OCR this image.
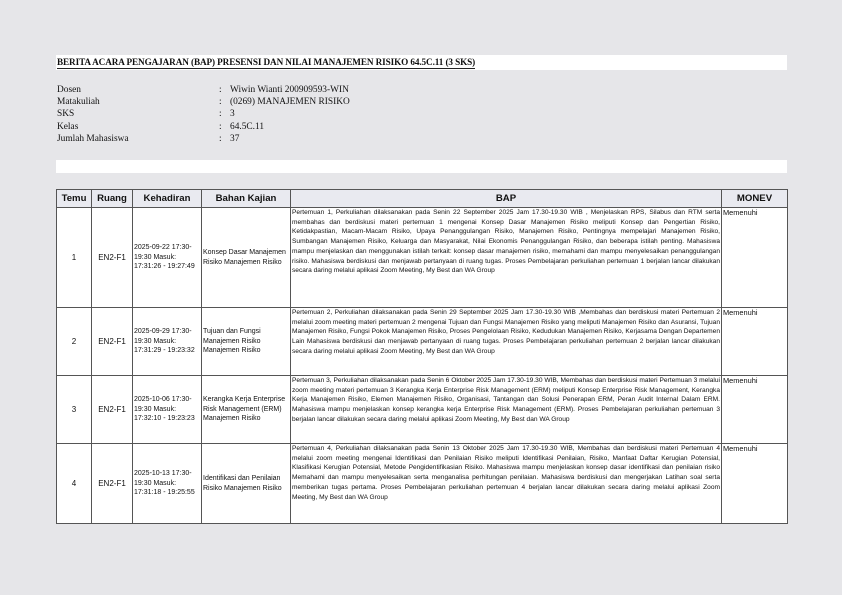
BERITA ACARA PENGAJARAN (BAP) PRESENSI DAN NILAI MANAJEMEN RISIKO 64.5C.11 (3 SKS)
Dosen	: Wiwin Wianti 200909593-WIN
Matakuliah	: (0269) MANAJEMEN RISIKO
SKS	: 3
Kelas	: 64.5C.11
Jumlah Mahasiswa	: 37
Temu	Ruang	Kehadiran	Bahan Kajian	BAP	MONEV
1	EN2-F1	2025-09-22 17:30-19:30 Masuk: 17:31:26 - 19:27:49	Konsep Dasar Manajemen Risiko Manajemen Risiko	Pertemuan 1, Perkuliahan dilaksanakan pada Senin 22 September 2025 Jam 17.30-19.30 WIB , Menjelaskan RPS, Silabus dan RTM serta membahas dan berdiskusi materi pertemuan 1 mengenai Konsep Dasar Manajemen Risiko meliputi Konsep dan Pengertian Risiko, Ketidakpastian, Macam-Macam Risiko, Upaya Penanggulangan Risiko, Manajemen Risiko, Pentingnya mempelajari Manajemen Risiko, Sumbangan Manajemen Risiko, Keluarga dan Masyarakat, Nilai Ekonomis Penanggulangan Risiko, dan beberapa istilah penting. Mahasiswa mampu menjelaskan dan menggunakan istilah terkait: konsep dasar manajemen risiko, memahami dan mampu menyelesaikan penanggulangan risiko. Mahasiswa berdiskusi dan menjawab pertanyaan di ruang tugas. Proses Pembelajaran perkuliahan pertemuan 1 berjalan lancar dilakukan secara daring melalui aplikasi Zoom Meeting, My Best dan WA Group	Memenuhi
2	EN2-F1	2025-09-29 17:30-19:30 Masuk: 17:31:29 - 19:23:32	Tujuan dan Fungsi Manajemen Risiko Manajemen Risiko	Pertemuan 2, Perkuliahan dilaksanakan pada Senin 29 September 2025 Jam 17.30-19.30 WIB ,Membahas dan berdiskusi materi Pertemuan 2 melalui zoom meeting materi pertemuan 2 mengenai Tujuan dan Fungsi Manajemen Risiko yang meliputi Manajemen Risiko dan Asuransi, Tujuan Manajemen Risiko, Fungsi Pokok Manajemen Risiko, Proses Pengelolaan Risiko, Kedudukan Manajemen Risiko, Kerjasama Dengan Departemen Lain Mahasiswa berdiskusi dan menjawab pertanyaan di ruang tugas. Proses Pembelajaran perkuliahan pertemuan 2 berjalan lancar dilakukan secara daring melalui aplikasi Zoom Meeting, My Best dan WA Group	Memenuhi
3	EN2-F1	2025-10-06 17:30-19:30 Masuk: 17:32:10 - 19:23:23	Kerangka Kerja Enterprise Risk Management (ERM) Manajemen Risiko	Pertemuan 3, Perkuliahan dilaksanakan pada Senin 6 Oktober 2025 Jam 17.30-19.30 WIB, Membahas dan berdiskusi materi Pertemuan 3 melalui zoom meeting materi pertemuan 3 Kerangka Kerja Enterprise Risk Management (ERM) meliputi Konsep Enterprise Risk Management, Kerangka Kerja Manajemen Risiko, Elemen Manajemen Risiko, Organisasi, Tantangan dan Solusi Penerapan ERM, Peran Audit Internal Dalam ERM. Mahasiswa mampu menjelaskan konsep kerangka kerja Enterprise Risk Management (ERM). Proses Pembelajaran perkuliahan pertemuan 3 berjalan lancar dilakukan secara daring melalui aplikasi Zoom Meeting, My Best dan WA Group	Memenuhi
4	EN2-F1	2025-10-13 17:30-19:30 Masuk: 17:31:18 - 19:25:55	Identifikasi dan Penilaian Risiko Manajemen Risiko	Pertemuan 4, Perkuliahan dilaksanakan pada Senin 13 Oktober 2025 Jam 17.30-19.30 WIB, Membahas dan berdiskusi materi Pertemuan 4 melalui zoom meeting mengenai Identifikasi dan Penilaian Risiko meliputi Identifikasi Penilaian, Risiko, Manfaat Daftar Kerugian Potensial, Klasifikasi Kerugian Potensial, Metode Pengidentifikasian Risiko. Mahasiswa mampu menjelaskan konsep dasar identifikasi dan penilaian risiko Memahami dan mampu menyelesaikan serta menganalisa perhitungan penilaian. Mahasiswa berdiskusi dan mengerjakan Latihan soal serta memberikan tugas pertama. Proses Pembelajaran perkuliahan pertemuan 4 berjalan lancar dilakukan secara daring melalui aplikasi Zoom Meeting, My Best dan WA Group	Memenuhi
